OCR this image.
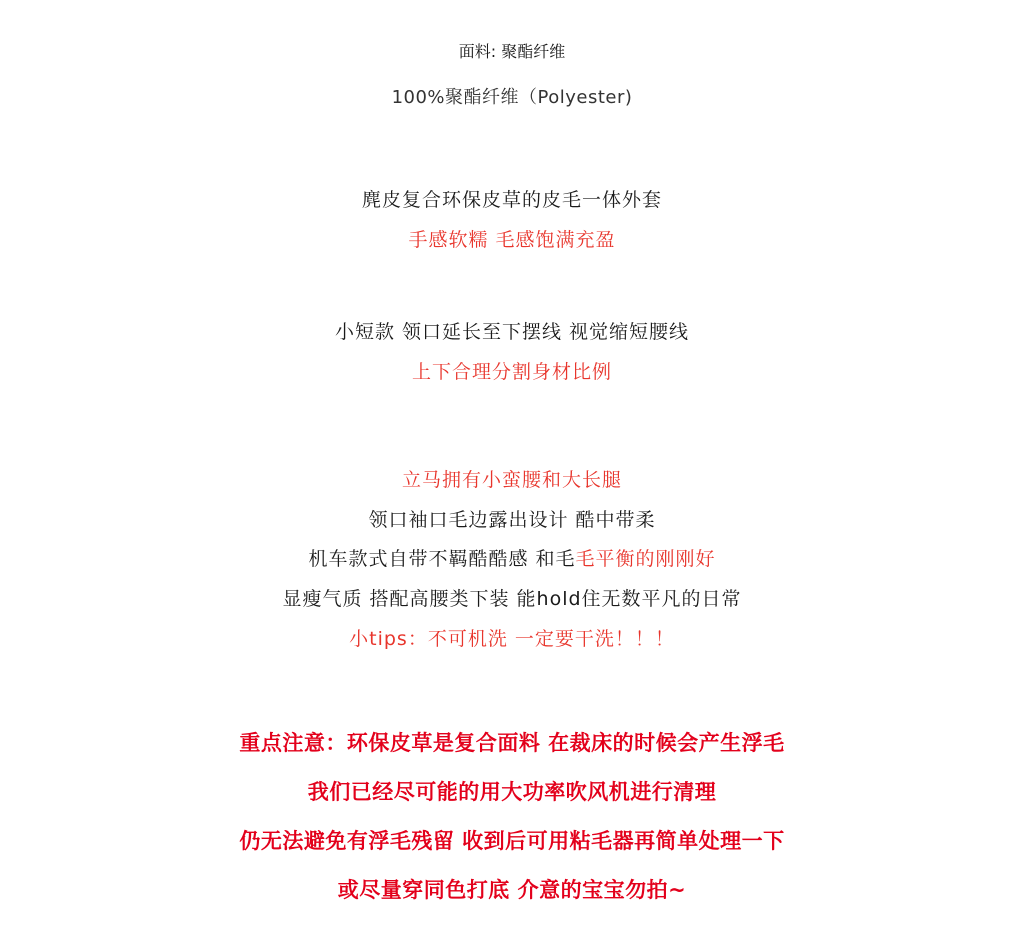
面料: 聚酯纤维
100%聚酯纤维（Polyester)
麂皮复合环保皮草的皮毛一体外套
手感软糯 毛感饱满充盈
小短款 领口延长至下摆线 视觉缩短腰线
上下合理分割身材比例
立马拥有小蛮腰和大长腿
领口袖口毛边露出设计 酷中带柔
机车款式自带不羁酷酷感 和毛毛平衡的刚刚好
显瘦气质 搭配高腰类下装 能hold住无数平凡的日常
小tips：不可机洗 一定要干洗！！！
重点注意：环保皮草是复合面料 在裁床的时候会产生浮毛
我们已经尽可能的用大功率吹风机进行清理
仍无法避免有浮毛残留 收到后可用粘毛器再简单处理一下
或尽量穿同色打底 介意的宝宝勿拍~
